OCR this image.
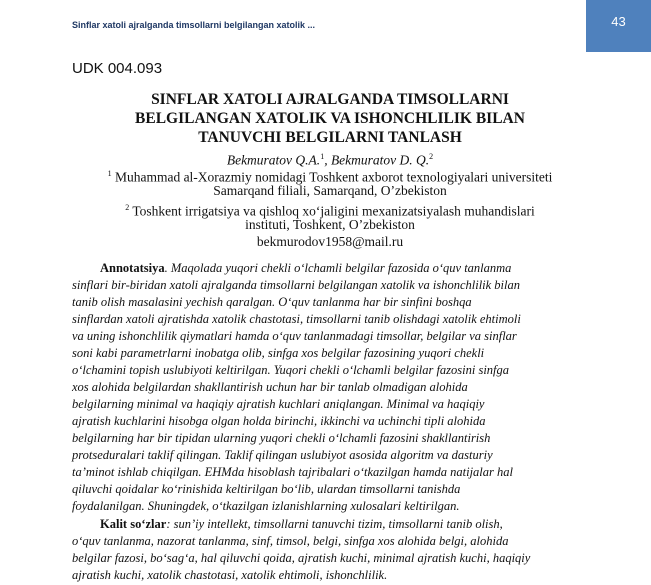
Sinflar xatoli ajralganda timsollarni belgilangan xatolik ...	43
UDK 004.093
SINFLAR XATOLI AJRALGANDA TIMSOLLARNI
BELGILANGAN XATOLIK VA ISHONCHLILIK BILAN
TANUVCHI BELGILARNI TANLASH
Bekmuratov Q.A.$^1$, Bekmuratov D. Q.$^2$
$^1$ Muhammad al-Xorazmiy nomidagi Toshkent axborot texnologiyalari universiteti
Samarqand filiali, Samarqand, O’zbekiston
$^2$ Toshkent irrigatsiya va qishloq xo‘jaligini mexanizatsiyalash muhandislari
instituti, Toshkent, O’zbekiston
bekmurodov1958@mail.ru
Annotatsiya. Maqolada yuqori chekli o‘lchamli belgilar fazosida o‘quv tanlanma
sinflari bir-biridan xatoli ajralganda timsollarni belgilangan xatolik va ishonchlilik bilan
tanib olish masalasini yechish qaralgan. O‘quv tanlanma har bir sinfini boshqa
sinflardan xatoli ajratishda xatolik chastotasi, timsollarni tanib olishdagi xatolik ehtimoli
va uning ishonchlilik qiymatlari hamda o‘quv tanlanmadagi timsollar, belgilar va sinflar
soni kabi parametrlarni inobatga olib, sinfga xos belgilar fazosining yuqori chekli
o‘lchamini topish uslubiyoti keltirilgan. Yuqori chekli o‘lchamli belgilar fazosini sinfga
xos alohida belgilardan shakllantirish uchun har bir tanlab olmadigan alohida
belgilarning minimal va haqiqiy ajratish kuchlari aniqlangan. Minimal va haqiqiy
ajratish kuchlarini hisobga olgan holda birinchi, ikkinchi va uchinchi tipli alohida
belgilarning har bir tipidan ularning yuqori chekli o‘lchamli fazosini shakllantirish
protseduralari taklif qilingan. Taklif qilingan uslubiyot asosida algoritm va dasturiy
ta’minot ishlab chiqilgan. EHMda hisoblash tajribalari o‘tkazilgan hamda natijalar hal
qiluvchi qoidalar ko‘rinishida keltirilgan bo‘lib, ulardan timsollarni tanishda
foydalanilgan. Shuningdek, o‘tkazilgan izlanishlarning xulosalari keltirilgan.
Kalit so‘zlar: sun’iy intellekt, timsollarni tanuvchi tizim, timsollarni tanib olish,
o‘quv tanlanma, nazorat tanlanma, sinf, timsol, belgi, sinfga xos alohida belgi, alohida
belgilar fazosi, bo‘sag‘a, hal qiluvchi qoida, ajratish kuchi, minimal ajratish kuchi, haqiqiy
ajratish kuchi, xatolik chastotasi, xatolik ehtimoli, ishonchlilik.
